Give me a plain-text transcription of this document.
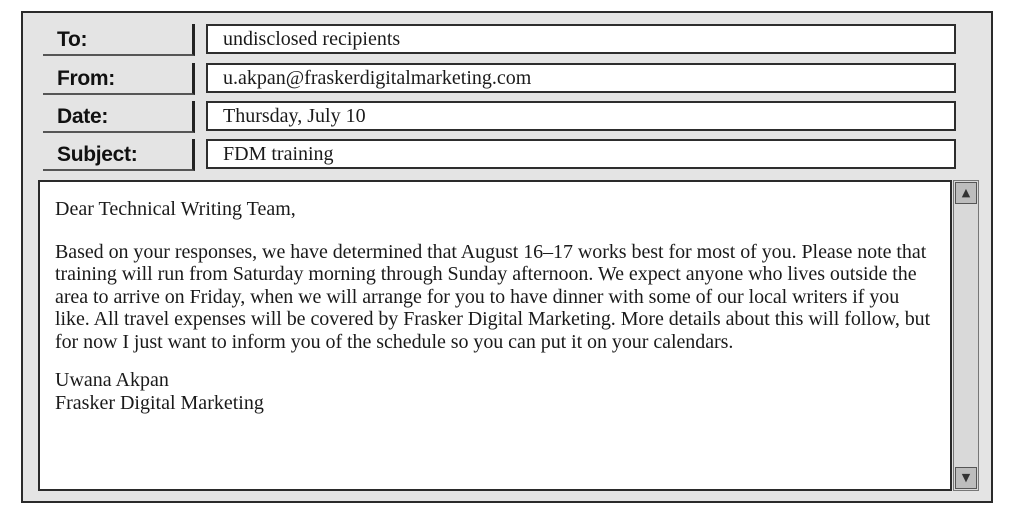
To:	undisclosed recipients
From:	u.akpan@fraskerdigitalmarketing.com
Date:	Thursday, July 10
Subject:	FDM training

Dear Technical Writing Team,

Based on your responses, we have determined that August 16–17 works best for most of you. Please note that training will run from Saturday morning through Sunday afternoon. We expect anyone who lives outside the area to arrive on Friday, when we will arrange for you to have dinner with some of our local writers if you like. All travel expenses will be covered by Frasker Digital Marketing. More details about this will follow, but for now I just want to inform you of the schedule so you can put it on your calendars.

Uwana Akpan

Frasker Digital Marketing

▲
▼
